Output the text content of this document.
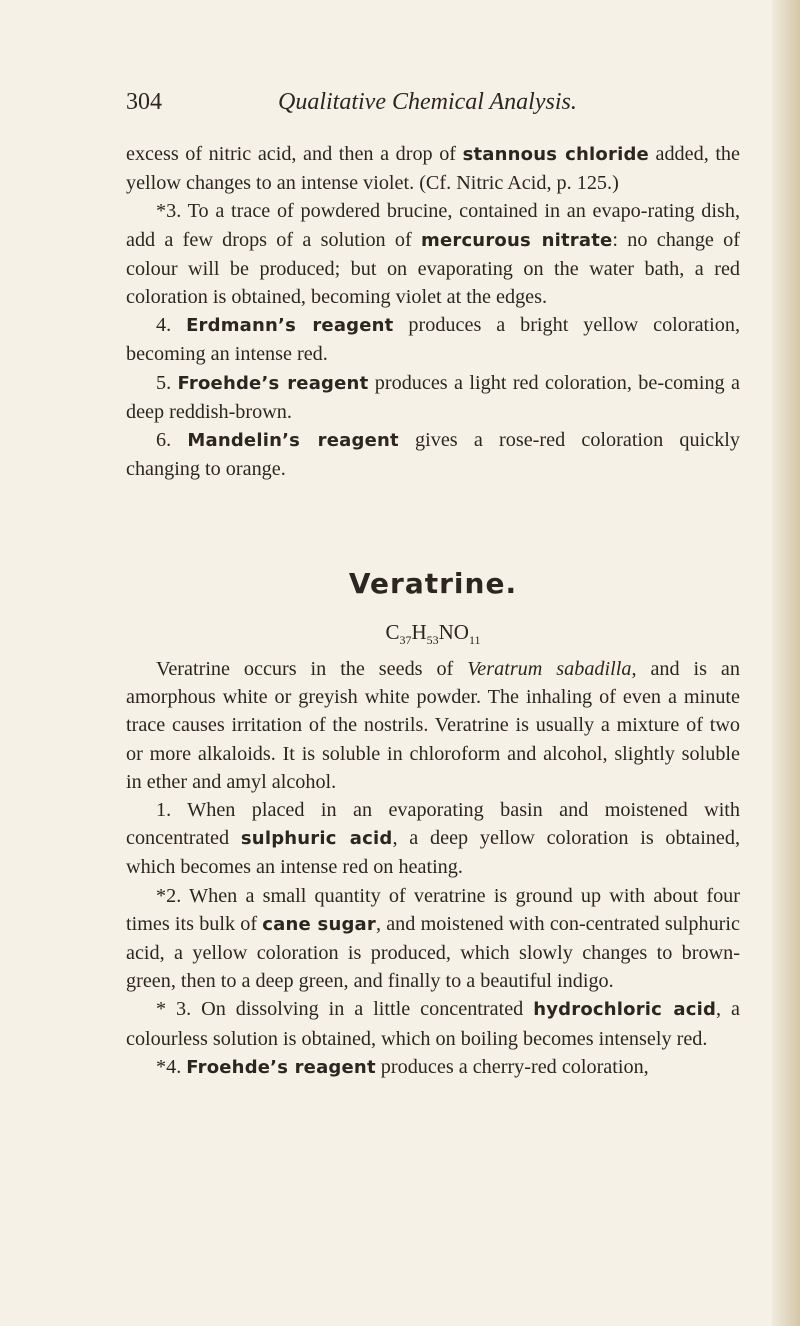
304	Qualitative Chemical Analysis.

excess of nitric acid, and then a drop of stannous chloride added, the yellow changes to an intense violet. (Cf. Nitric Acid, p. 125.)

*3. To a trace of powdered brucine, contained in an evapo-rating dish, add a few drops of a solution of mercurous nitrate: no change of colour will be produced; but on evaporating on the water bath, a red coloration is obtained, becoming violet at the edges.

4. Erdmann’s reagent produces a bright yellow coloration, becoming an intense red.

5. Froehde’s reagent produces a light red coloration, be-coming a deep reddish-brown.

6. Mandelin’s reagent gives a rose-red coloration quickly changing to orange.

Veratrine.
$C_{37}H_{53}NO_{11}$

Veratrine occurs in the seeds of Veratrum sabadilla, and is an amorphous white or greyish white powder. The inhaling of even a minute trace causes irritation of the nostrils. Veratrine is usually a mixture of two or more alkaloids. It is soluble in chloroform and alcohol, slightly soluble in ether and amyl alcohol.

1. When placed in an evaporating basin and moistened with concentrated sulphuric acid, a deep yellow coloration is obtained, which becomes an intense red on heating.

*2. When a small quantity of veratrine is ground up with about four times its bulk of cane sugar, and moistened with con-centrated sulphuric acid, a yellow coloration is produced, which slowly changes to brown-green, then to a deep green, and finally to a beautiful indigo.

* 3. On dissolving in a little concentrated hydrochloric acid, a colourless solution is obtained, which on boiling becomes intensely red.

*4. Froehde’s reagent produces a cherry-red coloration,
